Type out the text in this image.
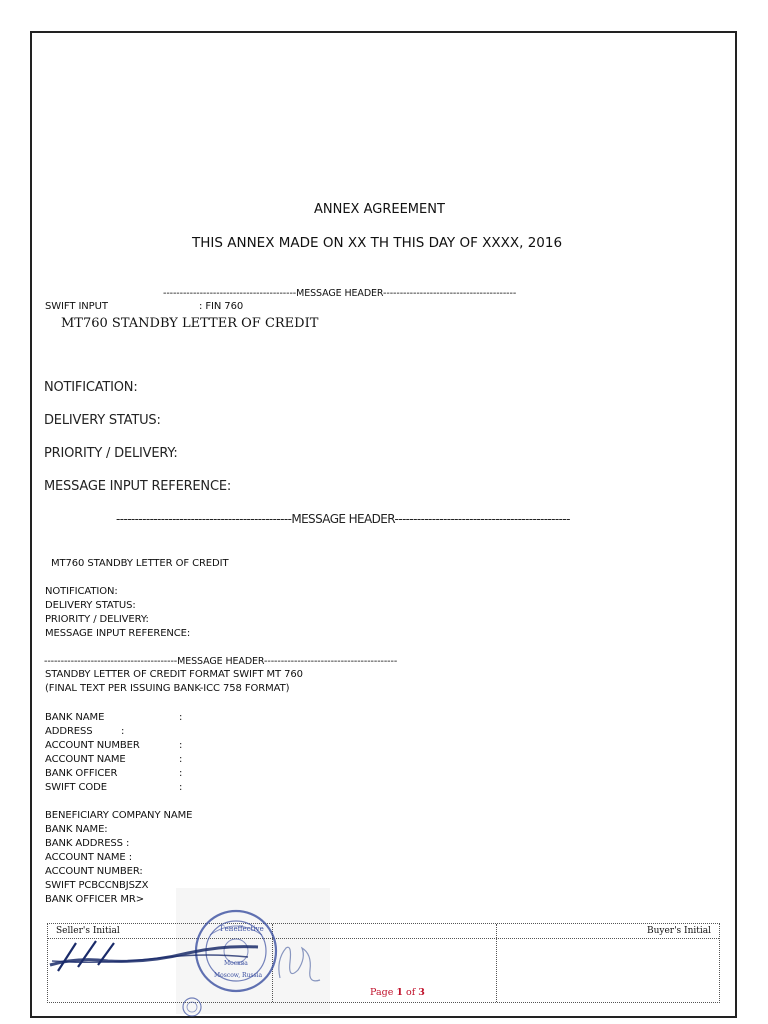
ANNEX AGREEMENT
THIS ANNEX MADE ON XX TH THIS DAY OF XXXX, 2016
----------------------------------------MESSAGE HEADER----------------------------------------
SWIFT INPUT	: FIN 760
MT760 STANDBY LETTER OF CREDIT
NOTIFICATION:
DELIVERY STATUS:
PRIORITY / DELIVERY:
MESSAGE INPUT REFERENCE:
-----------------------------------------------MESSAGE HEADER-----------------------------------------------
MT760 STANDBY LETTER OF CREDIT
NOTIFICATION:
DELIVERY STATUS:
PRIORITY / DELIVERY:
MESSAGE INPUT REFERENCE:
----------------------------------------MESSAGE HEADER----------------------------------------
STANDBY LETTER OF CREDIT FORMAT SWIFT MT 760
(FINAL TEXT PER ISSUING BANK-ICC 758 FORMAT)
BANK NAME	:
ADDRESS	:
ACCOUNT NUMBER	:
ACCOUNT NAME	:
BANK OFFICER	:
SWIFT CODE	:
BENEFICIARY COMPANY NAME
BANK NAME:
BANK ADDRESS :
ACCOUNT NAME :
ACCOUNT NUMBER:
SWIFT PCBCCNBJSZX
BANK OFFICER MR>
Seller's Initial	Buyer's Initial
Генеffective
Москва
Moscow, Russia
Page 1 of 3
